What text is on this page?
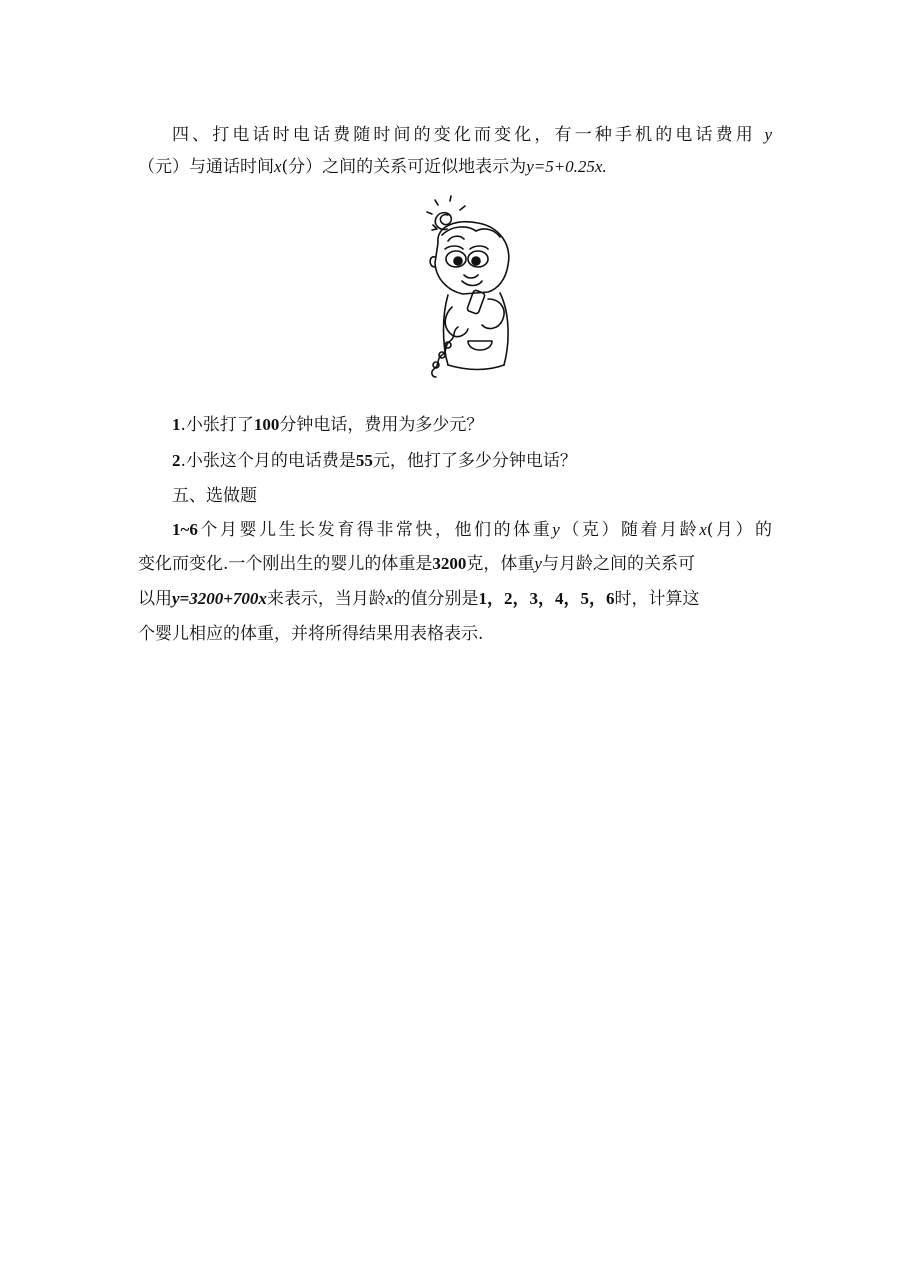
四、打电话时电话费随时间的变化而变化，有一种手机的电话费用 y
（元）与通话时间x(分）之间的关系可近似地表示为y=5+0.25x.
1.小张打了100分钟电话，费用为多少元？
2.小张这个月的电话费是55元，他打了多少分钟电话？
五、选做题
1~6个月婴儿生长发育得非常快，他们的体重y（克）随着月龄x(月）的
变化而变化.一个刚出生的婴儿的体重是3200克，体重y与月龄之间的关系可
以用y=3200+700x来表示，当月龄x的值分别是1，2，3，4，5，6时，计算这
个婴儿相应的体重，并将所得结果用表格表示.
